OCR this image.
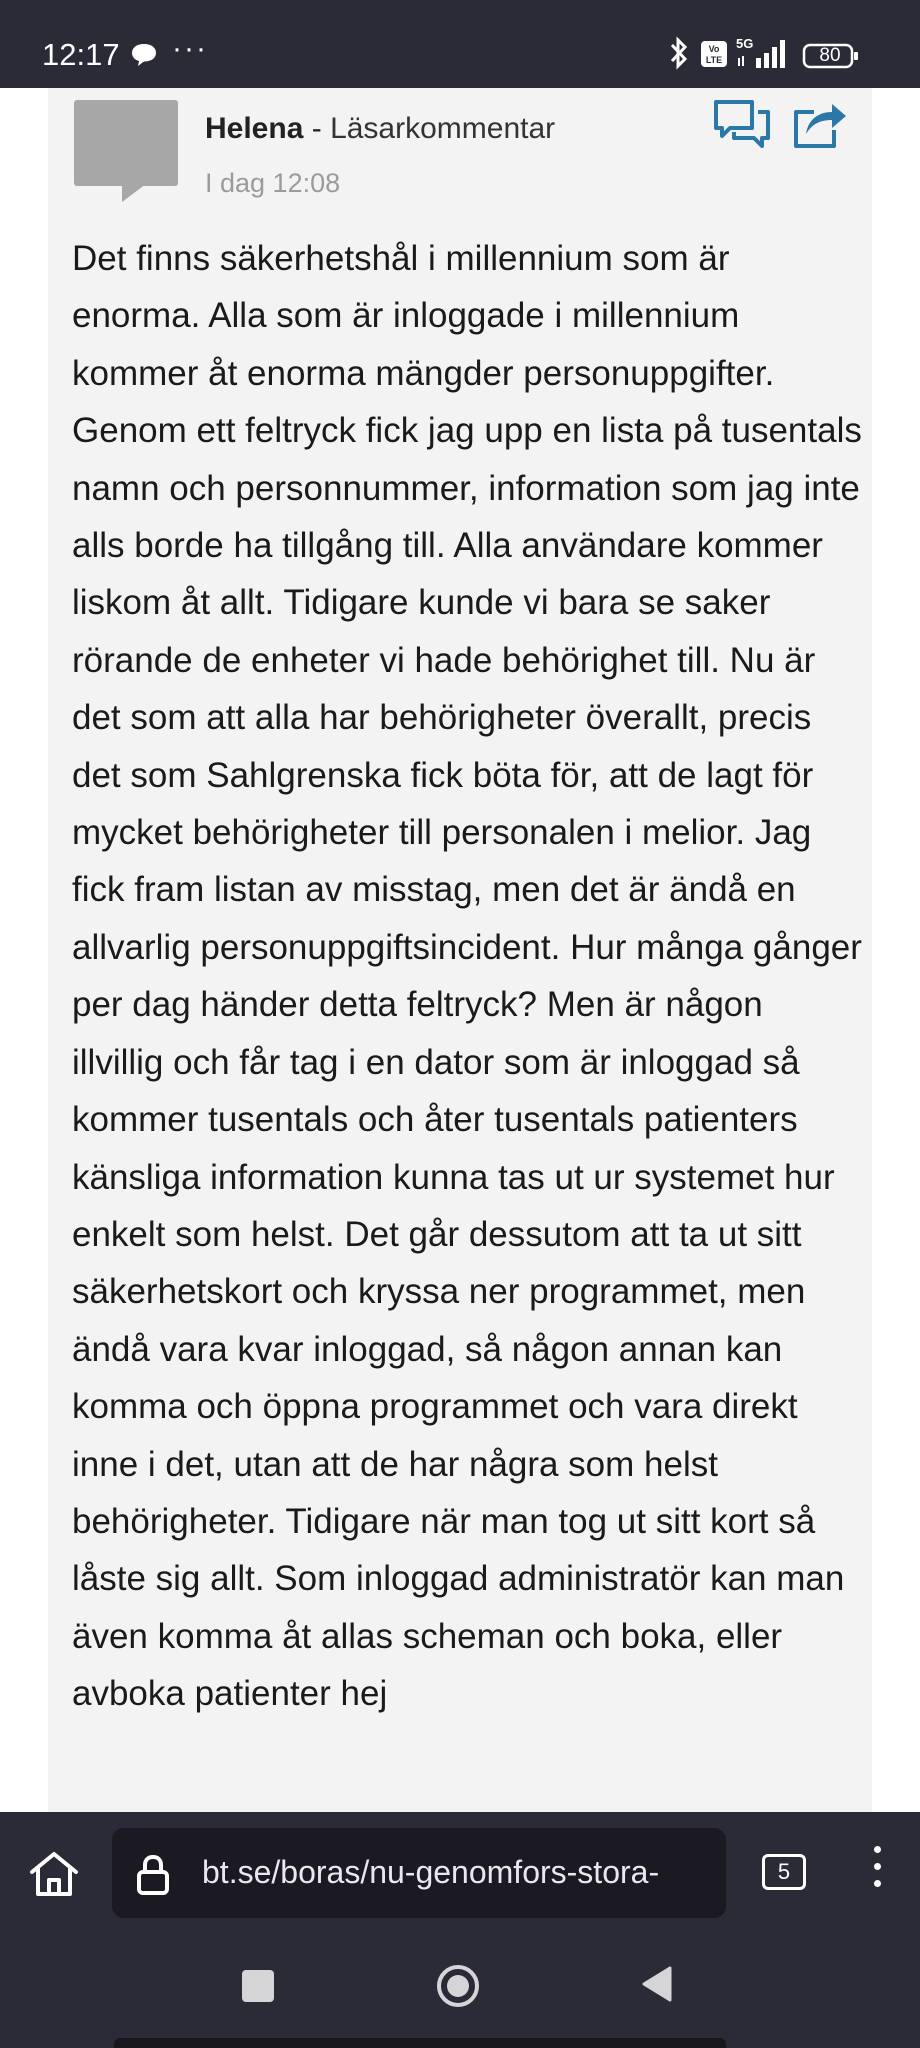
12:17 ···	Vo
LTE
5G
80
Helena - Läsarkommentar
I dag 12:08

Det finns säkerhetshål i millennium som är enorma. Alla som är inloggade i millennium kommer åt enorma mängder personuppgifter. Genom ett feltryck fick jag upp en lista på tusentals namn och personnummer, information som jag inte alls borde ha tillgång till. Alla användare kommer liskom åt allt. Tidigare kunde vi bara se saker rörande de enheter vi hade behörighet till. Nu är det som att alla har behörigheter överallt, precis det som Sahlgrenska fick böta för, att de lagt för mycket behörigheter till personalen i melior. Jag fick fram listan av misstag, men det är ändå en allvarlig personuppgiftsincident. Hur många gånger per dag händer detta feltryck? Men är någon illvillig och får tag i en dator som är inloggad så kommer tusentals och åter tusentals patienters känsliga information kunna tas ut ur systemet hur enkelt som helst. Det går dessutom att ta ut sitt säkerhetskort och kryssa ner programmet, men ändå vara kvar inloggad, så någon annan kan komma och öppna programmet och vara direkt inne i det, utan att de har några som helst behörigheter. Tidigare när man tog ut sitt kort så låste sig allt. Som inloggad administratör kan man även komma åt allas scheman och boka, eller avboka patienter hej

bt.se/boras/nu-genomfors-stora-	5
